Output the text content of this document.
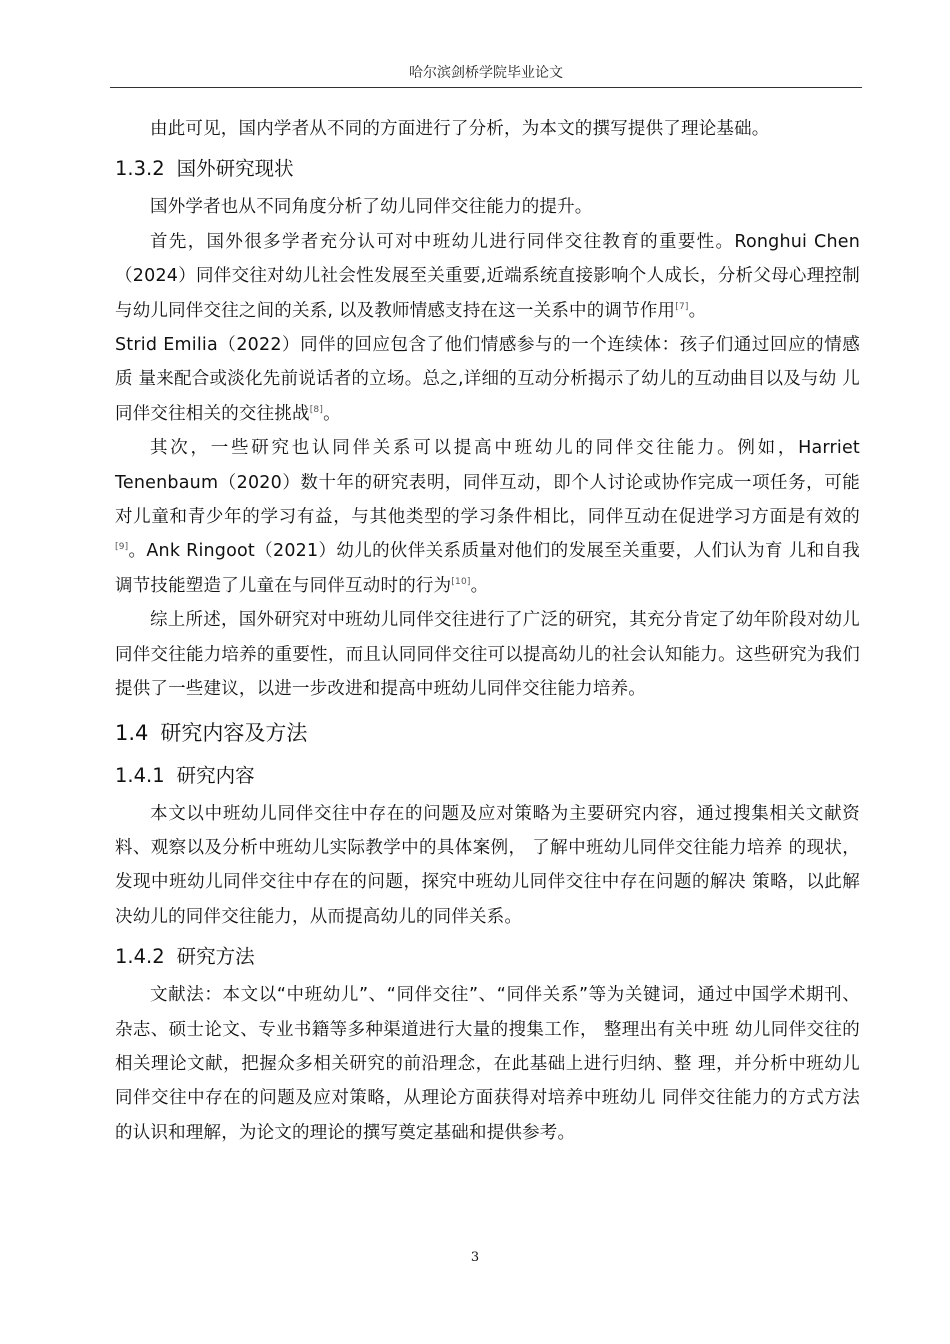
哈尔滨剑桥学院毕业论文

由此可见，国内学者从不同的方面进行了分析，为本文的撰写提供了理论基础。

1.3.2 国外研究现状

国外学者也从不同角度分析了幼儿同伴交往能力的提升。

首先，国外很多学者充分认可对中班幼儿进行同伴交往教育的重要性。Ronghui Chen（2024）同伴交往对幼儿社会性发展至关重要,近端系统直接影响个人成长，分析父母心理控制与幼儿同伴交往之间的关系, 以及教师情感支持在这一关系中的调节作用[7]。

Strid Emilia（2022）同伴的回应包含了他们情感参与的一个连续体：孩子们通过回应的情感质 量来配合或淡化先前说话者的立场。总之,详细的互动分析揭示了幼儿的互动曲目以及与幼 儿同伴交往相关的交往挑战[8]。

其次，一些研究也认同伴关系可以提高中班幼儿的同伴交往能力。例如，Harriet Tenenbaum（2020）数十年的研究表明，同伴互动，即个人讨论或协作完成一项任务，可能对儿童和青少年的学习有益，与其他类型的学习条件相比，同伴互动在促进学习方面是有效的[9]。Ank Ringoot（2021）幼儿的伙伴关系质量对他们的发展至关重要，人们认为育 儿和自我调节技能塑造了儿童在与同伴互动时的行为[10]。

综上所述，国外研究对中班幼儿同伴交往进行了广泛的研究，其充分肯定了幼年阶段对幼儿同伴交往能力培养的重要性，而且认同同伴交往可以提高幼儿的社会认知能力。这些研究为我们提供了一些建议，以进一步改进和提高中班幼儿同伴交往能力培养。

1.4 研究内容及方法
1.4.1 研究内容

本文以中班幼儿同伴交往中存在的问题及应对策略为主要研究内容，通过搜集相关文献资料、观察以及分析中班幼儿实际教学中的具体案例， 了解中班幼儿同伴交往能力培养 的现状，发现中班幼儿同伴交往中存在的问题，探究中班幼儿同伴交往中存在问题的解决 策略，以此解决幼儿的同伴交往能力，从而提高幼儿的同伴关系。

1.4.2 研究方法

文献法：本文以“中班幼儿”、“同伴交往”、“同伴关系”等为关键词，通过中国学术期刊、杂志、硕士论文、专业书籍等多种渠道进行大量的搜集工作， 整理出有关中班 幼儿同伴交往的相关理论文献，把握众多相关研究的前沿理念，在此基础上进行归纳、整 理，并分析中班幼儿同伴交往中存在的问题及应对策略，从理论方面获得对培养中班幼儿 同伴交往能力的方式方法的认识和理解，为论文的理论的撰写奠定基础和提供参考。

3
